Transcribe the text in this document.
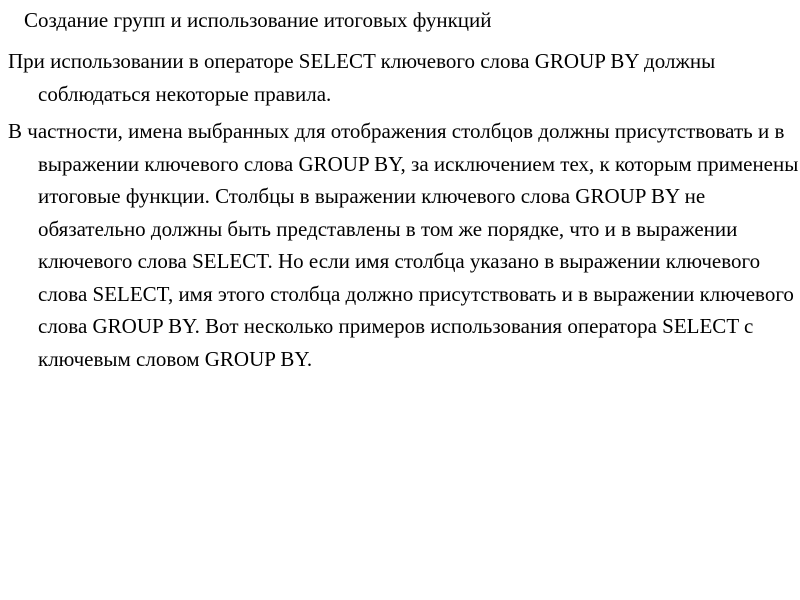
Создание групп и использование итоговых функций

При использовании в операторе SELECT ключевого слова GROUP BY должны соблюдаться некоторые правила.

В частности, имена выбранных для отображения столбцов должны присутствовать и в выражении ключевого слова GROUP BY, за исключением тех, к которым применены итоговые функции. Столбцы в выражении ключевого слова GROUP BY не обязательно должны быть представлены в том же порядке, что и в выражении ключевого слова SELECT. Но если имя столбца указано в выражении ключевого слова SELECT, имя этого столбца должно присутствовать и в выражении ключевого слова GROUP BY. Вот несколько примеров использования оператора SELECT с ключевым словом GROUP BY.
